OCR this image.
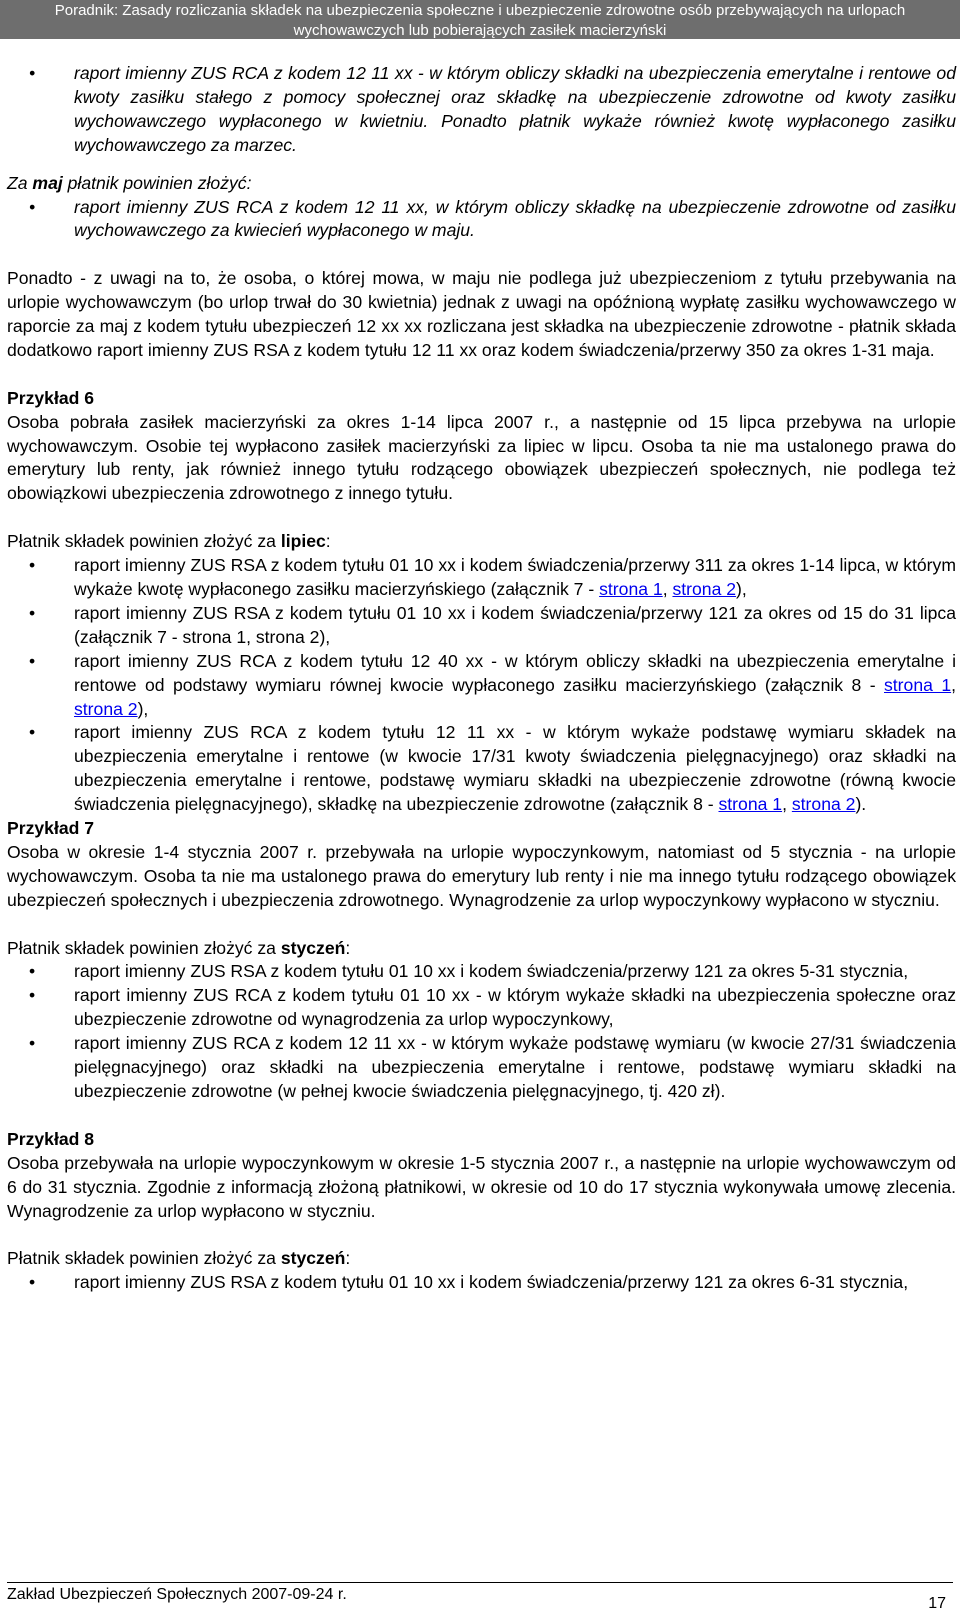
Poradnik: Zasady rozliczania składek na ubezpieczenia społeczne i ubezpieczenie zdrowotne osób przebywających na urlopach wychowawczych lub pobierających zasiłek macierzyński
• raport imienny ZUS RCA z kodem 12 11 xx - w którym obliczy składki na ubezpieczenia emerytalne i rentowe od kwoty zasiłku stałego z pomocy społecznej oraz składkę na ubezpieczenie zdrowotne od kwoty zasiłku wychowawczego wypłaconego w kwietniu. Ponadto płatnik wykaże również kwotę wypłaconego zasiłku wychowawczego za marzec.

Za maj płatnik powinien złożyć:

• raport imienny ZUS RCA z kodem 12 11 xx, w którym obliczy składkę na ubezpieczenie zdrowotne od zasiłku wychowawczego za kwiecień wypłaconego w maju.

Ponadto - z uwagi na to, że osoba, o której mowa, w maju nie podlega już ubezpieczeniom z tytułu przebywania na urlopie wychowawczym (bo urlop trwał do 30 kwietnia) jednak z uwagi na opóźnioną wypłatę zasiłku wychowawczego w raporcie za maj z kodem tytułu ubezpieczeń 12 xx xx rozliczana jest składka na ubezpieczenie zdrowotne - płatnik składa dodatkowo raport imienny ZUS RSA z kodem tytułu 12 11 xx oraz kodem świadczenia/przerwy 350 za okres 1-31 maja.

Przykład 6

Osoba pobrała zasiłek macierzyński za okres 1-14 lipca 2007 r., a następnie od 15 lipca przebywa na urlopie wychowawczym. Osobie tej wypłacono zasiłek macierzyński za lipiec w lipcu. Osoba ta nie ma ustalonego prawa do emerytury lub renty, jak również innego tytułu rodzącego obowiązek ubezpieczeń społecznych, nie podlega też obowiązkowi ubezpieczenia zdrowotnego z innego tytułu.

Płatnik składek powinien złożyć za lipiec:

• raport imienny ZUS RSA z kodem tytułu 01 10 xx i kodem świadczenia/przerwy 311 za okres 1-14 lipca, w którym wykaże kwotę wypłaconego zasiłku macierzyńskiego (załącznik 7 - strona 1, strona 2),
• raport imienny ZUS RSA z kodem tytułu 01 10 xx i kodem świadczenia/przerwy 121 za okres od 15 do 31 lipca (załącznik 7 - strona 1, strona 2),
• raport imienny ZUS RCA z kodem tytułu 12 40 xx - w którym obliczy składki na ubezpieczenia emerytalne i rentowe od podstawy wymiaru równej kwocie wypłaconego zasiłku macierzyńskiego (załącznik 8 - strona 1, strona 2),
• raport imienny ZUS RCA z kodem tytułu 12 11 xx - w którym wykaże podstawę wymiaru składek na ubezpieczenia emerytalne i rentowe (w kwocie 17/31 kwoty świadczenia pielęgnacyjnego) oraz składki na ubezpieczenia emerytalne i rentowe, podstawę wymiaru składki na ubezpieczenie zdrowotne (równą kwocie świadczenia pielęgnacyjnego), składkę na ubezpieczenie zdrowotne (załącznik 8 - strona 1, strona 2).

Przykład 7

Osoba w okresie 1-4 stycznia 2007 r. przebywała na urlopie wypoczynkowym, natomiast od 5 stycznia - na urlopie wychowawczym. Osoba ta nie ma ustalonego prawa do emerytury lub renty i nie ma innego tytułu rodzącego obowiązek ubezpieczeń społecznych i ubezpieczenia zdrowotnego. Wynagrodzenie za urlop wypoczynkowy wypłacono w styczniu.

Płatnik składek powinien złożyć za styczeń:

• raport imienny ZUS RSA z kodem tytułu 01 10 xx i kodem świadczenia/przerwy 121 za okres 5-31 stycznia,
• raport imienny ZUS RCA z kodem tytułu 01 10 xx - w którym wykaże składki na ubezpieczenia społeczne oraz ubezpieczenie zdrowotne od wynagrodzenia za urlop wypoczynkowy,
• raport imienny ZUS RCA z kodem 12 11 xx - w którym wykaże podstawę wymiaru (w kwocie 27/31 świadczenia pielęgnacyjnego) oraz składki na ubezpieczenia emerytalne i rentowe, podstawę wymiaru składki na ubezpieczenie zdrowotne (w pełnej kwocie świadczenia pielęgnacyjnego, tj. 420 zł).

Przykład 8

Osoba przebywała na urlopie wypoczynkowym w okresie 1-5 stycznia 2007 r., a następnie na urlopie wychowawczym od 6 do 31 stycznia. Zgodnie z informacją złożoną płatnikowi, w okresie od 10 do 17 stycznia wykonywała umowę zlecenia. Wynagrodzenie za urlop wypłacono w styczniu.

Płatnik składek powinien złożyć za styczeń:

• raport imienny ZUS RSA z kodem tytułu 01 10 xx i kodem świadczenia/przerwy 121 za okres 6-31 stycznia,
Zakład Ubezpieczeń Społecznych 2007-09-24 r.
17
